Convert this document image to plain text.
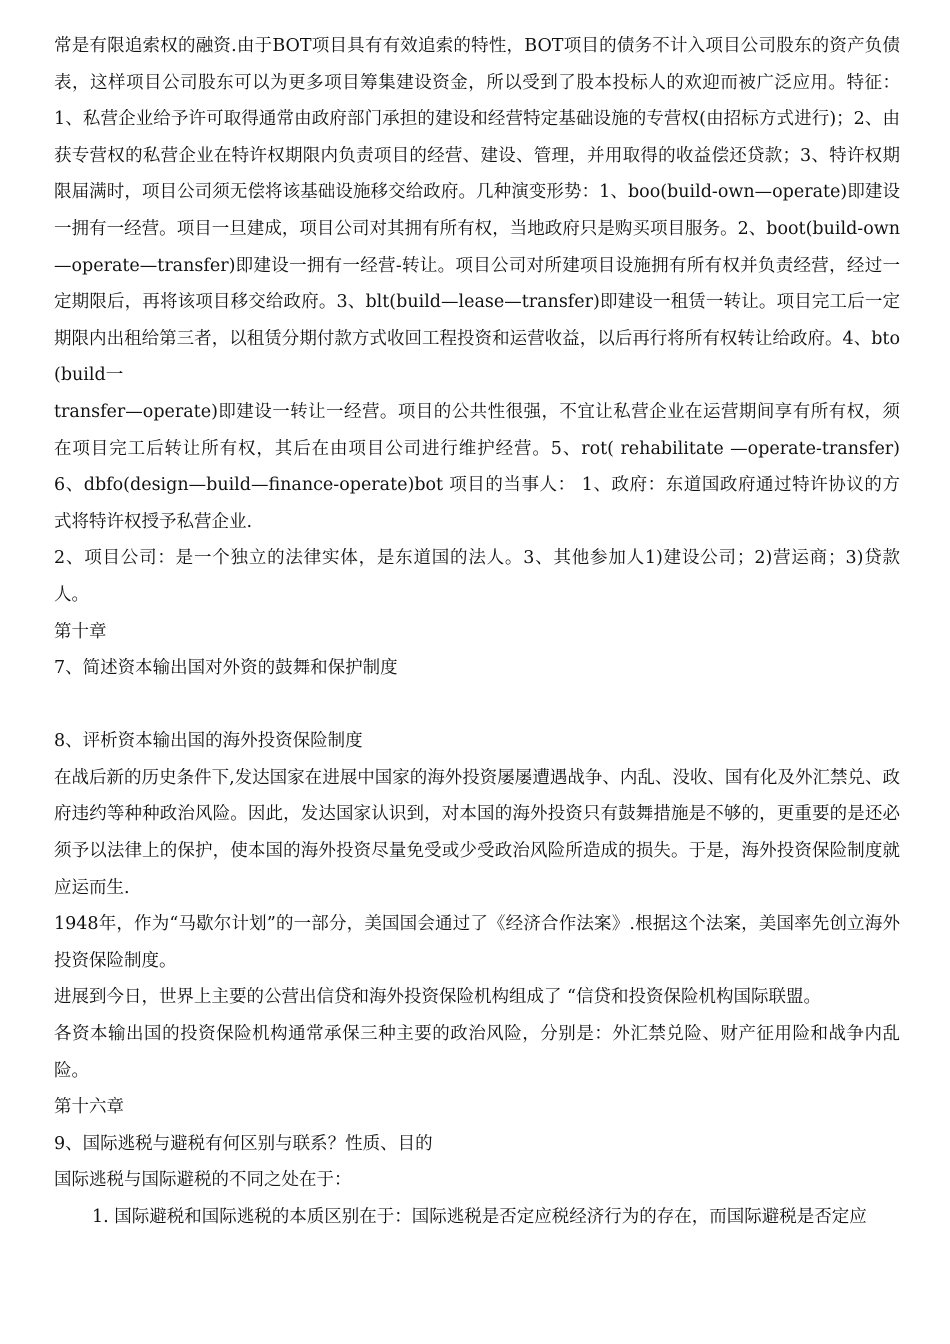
常是有限追索权的融资.由于BOT项目具有有效追索的特性，BOT项目的债务不计入项目公司股东的资产负债表，这样项目公司股东可以为更多项目筹集建设资金，所以受到了股本投标人的欢迎而被广泛应用。特征：1、私营企业给予许可取得通常由政府部门承担的建设和经营特定基础设施的专营权(由招标方式进行)；2、由获专营权的私营企业在特许权期限内负责项目的经营、建设、管理，并用取得的收益偿还贷款；3、特许权期限届满时，项目公司须无偿将该基础设施移交给政府。几种演变形势：1、boo(build-own—operate)即建设一拥有一经营。项目一旦建成，项目公司对其拥有所有权，当地政府只是购买项目服务。2、boot(build-own—operate—transfer)即建设一拥有一经营-转让。项目公司对所建项目设施拥有所有权并负责经营，经过一定期限后，再将该项目移交给政府。3、blt(build—lease—transfer)即建设一租赁一转让。项目完工后一定期限内出租给第三者，以租赁分期付款方式收回工程投资和运营收益，以后再行将所有权转让给政府。4、bto(build一

transfer—operate)即建设一转让一经营。项目的公共性很强，不宜让私营企业在运营期间享有所有权，须在项目完工后转让所有权，其后在由项目公司进行维护经营。5、rot( rehabilitate —operate-transfer)6、dbfo(design—build—finance-operate)bot 项目的当事人： 1、政府：东道国政府通过特许协议的方式将特许权授予私营企业.

2、项目公司：是一个独立的法律实体，是东道国的法人。3、其他参加人1)建设公司；2)营运商；3)贷款人。

第十章

7、简述资本输出国对外资的鼓舞和保护制度

8、评析资本输出国的海外投资保险制度

在战后新的历史条件下,发达国家在进展中国家的海外投资屡屡遭遇战争、内乱、没收、国有化及外汇禁兑、政府违约等种种政治风险。因此，发达国家认识到，对本国的海外投资只有鼓舞措施是不够的，更重要的是还必须予以法律上的保护，使本国的海外投资尽量免受或少受政治风险所造成的损失。于是，海外投资保险制度就应运而生.

1948年，作为“马歇尔计划”的一部分，美国国会通过了《经济合作法案》.根据这个法案，美国率先创立海外投资保险制度。

进展到今日，世界上主要的公营出信贷和海外投资保险机构组成了 “信贷和投资保险机构国际联盟。

各资本输出国的投资保险机构通常承保三种主要的政治风险，分别是：外汇禁兑险、财产征用险和战争内乱险。

第十六章

9、国际逃税与避税有何区别与联系？性质、目的

国际逃税与国际避税的不同之处在于：

1. 国际避税和国际逃税的本质区别在于：国际逃税是否定应税经济行为的存在，而国际避税是否定应
